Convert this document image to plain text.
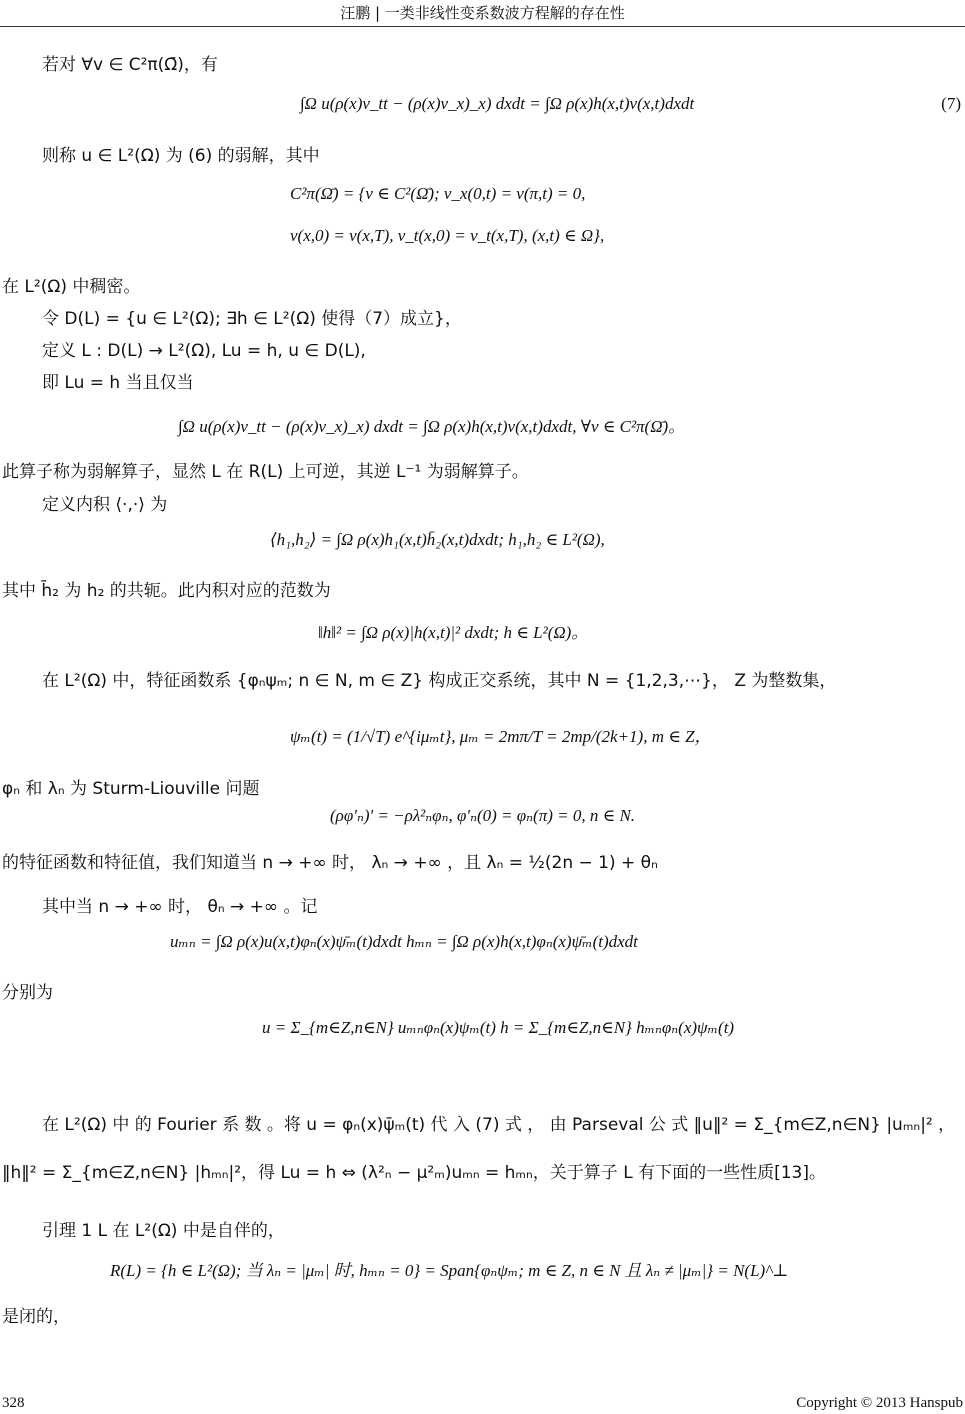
汪鹏 | 一类非线性变系数波方程解的存在性
若对 ∀v ∈ C²π(Ω̄)，有
∫Ω u(ρ(x)v_tt − (ρ(x)v_x)_x) dxdt = ∫Ω ρ(x)h(x,t)v(x,t)dxdt	(7)
则称 u ∈ L²(Ω) 为 (6) 的弱解，其中
C²π(Ω̄) = {v ∈ C²(Ω̄); v_x(0,t) = v(π,t) = 0,
v(x,0) = v(x,T), v_t(x,0) = v_t(x,T), (x,t) ∈ Ω},
在 L²(Ω) 中稠密。
令 D(L) = {u ∈ L²(Ω); ∃h ∈ L²(Ω) 使得（7）成立}，
定义 L : D(L) → L²(Ω), Lu = h, u ∈ D(L),
即 Lu = h 当且仅当
∫Ω u(ρ(x)v_tt − (ρ(x)v_x)_x) dxdt = ∫Ω ρ(x)h(x,t)v(x,t)dxdt, ∀v ∈ C²π(Ω̄)。
此算子称为弱解算子，显然 L 在 R(L) 上可逆，其逆 L⁻¹ 为弱解算子。
定义内积 ⟨·,·⟩ 为
⟨h₁,h₂⟩ = ∫Ω ρ(x)h₁(x,t)h̄₂(x,t)dxdt; h₁,h₂ ∈ L²(Ω),
其中 h̄₂ 为 h₂ 的共轭。此内积对应的范数为
‖h‖² = ∫Ω ρ(x)|h(x,t)|² dxdt; h ∈ L²(Ω)。
在 L²(Ω) 中，特征函数系 {φₙψₘ; n ∈ N, m ∈ Z} 构成正交系统，其中 N = {1,2,3,⋯}， Z 为整数集，
ψₘ(t) = (1/√T) e^{iμₘt}, μₘ = 2mπ/T = 2mp/(2k+1), m ∈ Z，
φₙ 和 λₙ 为 Sturm-Liouville 问题
(ρφ′ₙ)′ = −ρλ²ₙφₙ, φ′ₙ(0) = φₙ(π) = 0, n ∈ N.
的特征函数和特征值，我们知道当 n → +∞ 时， λₙ → +∞ ，且 λₙ = ½(2n − 1) + θₙ
其中当 n → +∞ 时， θₙ → +∞ 。记
uₘₙ = ∫Ω ρ(x)u(x,t)φₙ(x)ψ̄ₘ(t)dxdt hₘₙ = ∫Ω ρ(x)h(x,t)φₙ(x)ψ̄ₘ(t)dxdt
分别为
u = Σ_{m∈Z,n∈N} uₘₙφₙ(x)ψₘ(t) h = Σ_{m∈Z,n∈N} hₘₙφₙ(x)ψₘ(t)
在 L²(Ω) 中 的 Fourier 系 数 。将 u = φₙ(x)ψ̄ₘ(t) 代 入 (7) 式 ， 由 Parseval 公 式 ‖u‖² = Σ_{m∈Z,n∈N} |uₘₙ|² ，
‖h‖² = Σ_{m∈Z,n∈N} |hₘₙ|²，得 Lu = h ⇔ (λ²ₙ − μ²ₘ)uₘₙ = hₘₙ，关于算子 L 有下面的一些性质[13]。
引理 1 L 在 L²(Ω) 中是自伴的，
R(L) = {h ∈ L²(Ω); 当 λₙ = |μₘ| 时, hₘₙ = 0} = Span{φₙψₘ; m ∈ Z, n ∈ N 且 λₙ ≠ |μₘ|} = N(L)^⊥
是闭的，
328	Copyright © 2013 Hanspub
